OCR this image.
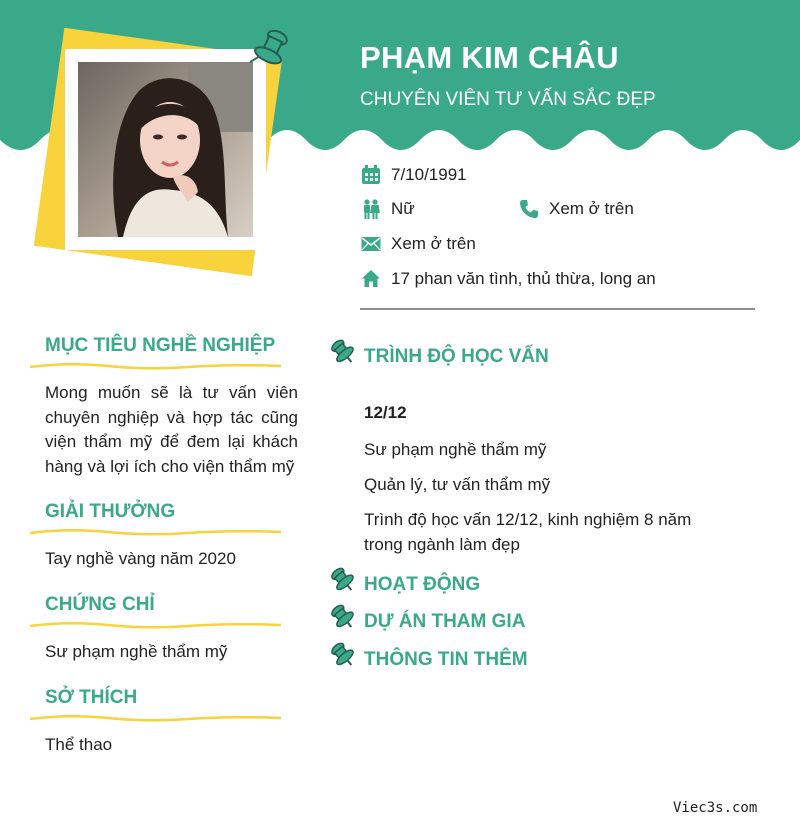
PHẠM KIM CHÂU
CHUYÊN VIÊN TƯ VẤN SẮC ĐẸP
7/10/1991
Nữ	Xem ở trên
Xem ở trên
17 phan văn tình, thủ thừa, long an
MỤC TIÊU NGHỀ NGHIỆP
Mong muốn sẽ là tư vấn viên chuyên nghiệp và hợp tác cũng viện thẩm mỹ để đem lại khách hàng và lợi ích cho viện thẩm mỹ
GIẢI THƯỞNG
Tay nghề vàng năm 2020
CHỨNG CHỈ
Sư phạm nghề thẩm mỹ
SỞ THÍCH
Thể thao
TRÌNH ĐỘ HỌC VẤN
12/12
Sư phạm nghề thẩm mỹ
Quản lý, tư vấn thẩm mỹ
Trình độ học vấn 12/12, kinh nghiệm 8 năm trong ngành làm đẹp
HOẠT ĐỘNG
DỰ ÁN THAM GIA
THÔNG TIN THÊM
Viec3s.com
